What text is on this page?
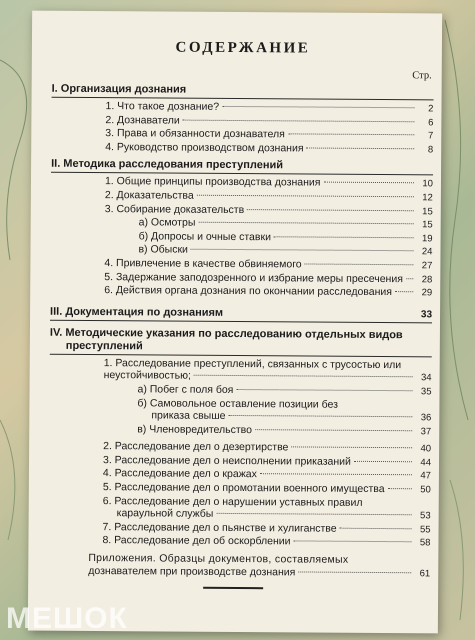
СОДЕРЖАНИЕ
Стр.
I. Организация дознания
1. Что такое дознание?	2
2. Дознаватели	6
3. Права и обязанности дознавателя	7
4. Руководство производством дознания	8
II. Методика расследования преступлений
1. Общие принципы производства дознания	10
2. Доказательства	12
3. Собирание доказательств	15
а) Осмотры	15
б) Допросы и очные ставки	19
в) Обыски	24
4. Привлечение в качестве обвиняемого	27
5. Задержание заподозренного и избрание меры пресечения	28
6. Действия органа дознания по окончании расследования	29
III. Документация по дознаниям	33
IV. Методические указания по расследованию отдельных видов
преступлений
1. Расследование преступлений, связанных с трусостью или
неустойчивостью;	34
а) Побег с поля боя	35
б) Самовольное оставление позиции без
приказа свыше	36
в) Членовредительство	37
2. Расследование дел о дезертирстве	40
3. Расследование дел о неисполнении приказаний	44
4. Расследование дел о кражах	47
5. Расследование дел о промотании военного имущества	50
6. Расследование дел о нарушении уставных правил
караульной службы	53
7. Расследование дел о пьянстве и хулиганстве	55
8. Расследование дел об оскорблении	58
Приложения. Образцы документов, составляемых
дознавателем при производстве дознания	61
МЕШОК
